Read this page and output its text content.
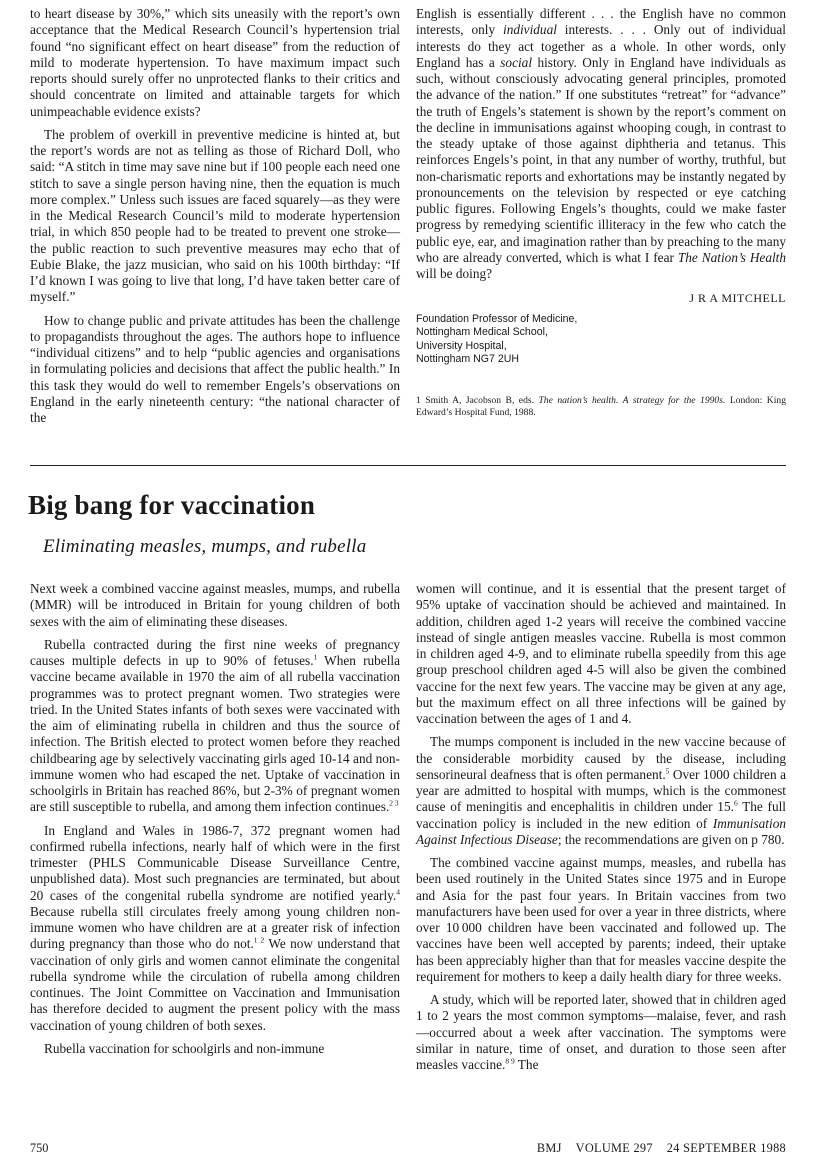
to heart disease by 30%,” which sits uneasily with the report’s own acceptance that the Medical Research Council’s hypertension trial found “no significant effect on heart disease” from the reduction of mild to moderate hypertension. To have maximum impact such reports should surely offer no unprotected flanks to their critics and should concentrate on limited and attainable targets for which unimpeachable evidence exists?

The problem of overkill in preventive medicine is hinted at, but the report’s words are not as telling as those of Richard Doll, who said: “A stitch in time may save nine but if 100 people each need one stitch to save a single person having nine, then the equation is much more complex.” Unless such issues are faced squarely—as they were in the Medical Research Council’s mild to moderate hypertension trial, in which 850 people had to be treated to prevent one stroke—the public reaction to such preventive measures may echo that of Eubie Blake, the jazz musician, who said on his 100th birthday: “If I’d known I was going to live that long, I’d have taken better care of myself.”

How to change public and private attitudes has been the challenge to propagandists throughout the ages. The authors hope to influence “individual citizens” and to help “public agencies and organisations in formulating policies and decisions that affect the public health.” In this task they would do well to remember Engels’s observations on England in the early nineteenth century: “the national character of the

English is essentially different . . . the English have no common interests, only individual interests. . . . Only out of individual interests do they act together as a whole. In other words, only England has a social history. Only in England have individuals as such, without consciously advocating general principles, promoted the advance of the nation.” If one substitutes “retreat” for “advance” the truth of Engels’s statement is shown by the report’s comment on the decline in immunisations against whooping cough, in contrast to the steady uptake of those against diphtheria and tetanus. This reinforces Engels’s point, in that any number of worthy, truthful, but non-charismatic reports and exhortations may be instantly negated by pronouncements on the television by respected or eye catching public figures. Following Engels’s thoughts, could we make faster progress by remedying scientific illiteracy in the few who catch the public eye, ear, and imagination rather than by preaching to the many who are already converted, which is what I fear The Nation’s Health will be doing?

J R A MITCHELL
Foundation Professor of Medicine,
Nottingham Medical School,
University Hospital,
Nottingham NG7 2UH
1 Smith A, Jacobson B, eds. The nation’s health. A strategy for the 1990s. London: King Edward’s Hospital Fund, 1988.
Big bang for vaccination
Eliminating measles, mumps, and rubella

Next week a combined vaccine against measles, mumps, and rubella (MMR) will be introduced in Britain for young children of both sexes with the aim of eliminating these diseases.

Rubella contracted during the first nine weeks of pregnancy causes multiple defects in up to 90% of fetuses.$^1$ When rubella vaccine became available in 1970 the aim of all rubella vaccination programmes was to protect pregnant women. Two strategies were tried. In the United States infants of both sexes were vaccinated with the aim of eliminating rubella in children and thus the source of infection. The British elected to protect women before they reached childbearing age by selectively vaccinating girls aged 10-14 and non-immune women who had escaped the net. Uptake of vaccination in schoolgirls in Britain has reached 86%, but 2-3% of pregnant women are still susceptible to rubella, and among them infection continues.$^{2 3}$

In England and Wales in 1986-7, 372 pregnant women had confirmed rubella infections, nearly half of which were in the first trimester (PHLS Communicable Disease Surveillance Centre, unpublished data). Most such pregnancies are terminated, but about 20 cases of the congenital rubella syndrome are notified yearly.$^4$ Because rubella still circulates freely among young children non-immune women who have children are at a greater risk of infection during pregnancy than those who do not.$^{1 2}$ We now understand that vaccination of only girls and women cannot eliminate the congenital rubella syndrome while the circulation of rubella among children continues. The Joint Committee on Vaccination and Immunisation has therefore decided to augment the present policy with the mass vaccination of young children of both sexes.

Rubella vaccination for schoolgirls and non-immune

women will continue, and it is essential that the present target of 95% uptake of vaccination should be achieved and maintained. In addition, children aged 1-2 years will receive the combined vaccine instead of single antigen measles vaccine. Rubella is most common in children aged 4-9, and to eliminate rubella speedily from this age group preschool children aged 4-5 will also be given the combined vaccine for the next few years. The vaccine may be given at any age, but the maximum effect on all three infections will be gained by vaccination between the ages of 1 and 4.

The mumps component is included in the new vaccine because of the considerable morbidity caused by the disease, including sensorineural deafness that is often permanent.$^5$ Over 1000 children a year are admitted to hospital with mumps, which is the commonest cause of meningitis and encephalitis in children under 15.$^6$ The full vaccination policy is included in the new edition of Immunisation Against Infectious Disease; the recommendations are given on p 780.

The combined vaccine against mumps, measles, and rubella has been used routinely in the United States since 1975 and in Europe and Asia for the past four years. In Britain vaccines from two manufacturers have been used for over a year in three districts, where over 10 000 children have been vaccinated and followed up. The vaccines have been well accepted by parents; indeed, their uptake has been appreciably higher than that for measles vaccine despite the requirement for mothers to keep a daily health diary for three weeks.

A study, which will be reported later, showed that in children aged 1 to 2 years the most common symptoms—malaise, fever, and rash—occurred about a week after vaccination. The symptoms were similar in nature, time of onset, and duration to those seen after measles vaccine.$^{8 9}$ The

750	BMJ VOLUME 297 24 SEPTEMBER 1988
